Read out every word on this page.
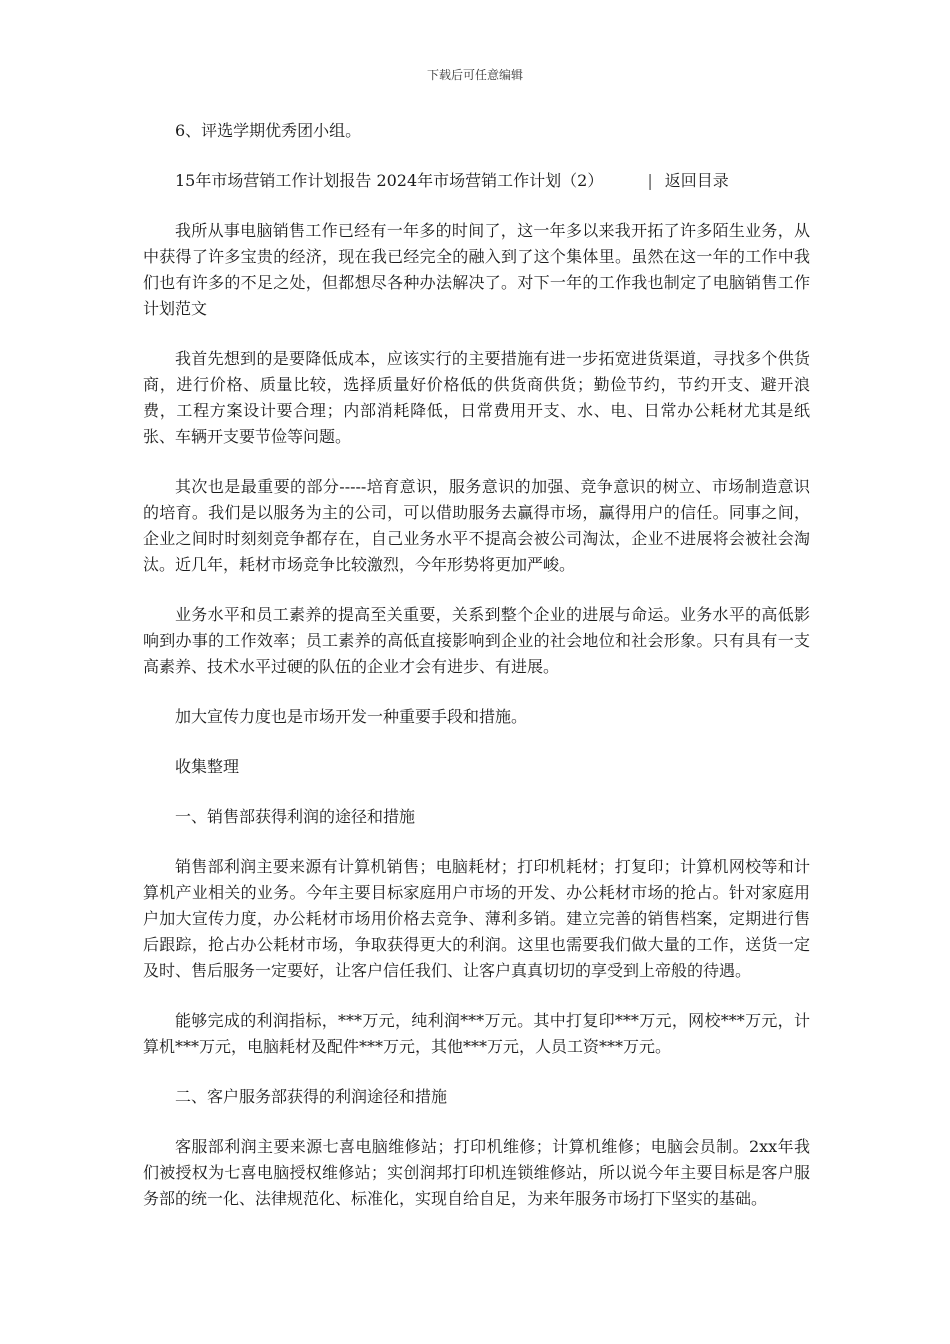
下载后可任意编辑

6、评选学期优秀团小组。

15年市场营销工作计划报告 2024年市场营销工作计划（2）	| 返回目录

我所从事电脑销售工作已经有一年多的时间了，这一年多以来我开拓了许多陌生业务，从中获得了许多宝贵的经济，现在我已经完全的融入到了这个集体里。虽然在这一年的工作中我们也有许多的不足之处，但都想尽各种办法解决了。对下一年的工作我也制定了电脑销售工作计划范文

我首先想到的是要降低成本，应该实行的主要措施有进一步拓宽进货渠道，寻找多个供货商，进行价格、质量比较，选择质量好价格低的供货商供货；勤俭节约，节约开支、避开浪费，工程方案设计要合理；内部消耗降低，日常费用开支、水、电、日常办公耗材尤其是纸张、车辆开支要节俭等问题。

其次也是最重要的部分-----培育意识，服务意识的加强、竞争意识的树立、市场制造意识的培育。我们是以服务为主的公司，可以借助服务去赢得市场，赢得用户的信任。同事之间，企业之间时时刻刻竞争都存在，自己业务水平不提高会被公司淘汰，企业不进展将会被社会淘汰。近几年，耗材市场竞争比较激烈，今年形势将更加严峻。

业务水平和员工素养的提高至关重要，关系到整个企业的进展与命运。业务水平的高低影响到办事的工作效率；员工素养的高低直接影响到企业的社会地位和社会形象。只有具有一支高素养、技术水平过硬的队伍的企业才会有进步、有进展。

加大宣传力度也是市场开发一种重要手段和措施。

收集整理

一、销售部获得利润的途径和措施

销售部利润主要来源有计算机销售；电脑耗材；打印机耗材；打复印；计算机网校等和计算机产业相关的业务。今年主要目标家庭用户市场的开发、办公耗材市场的抢占。针对家庭用户加大宣传力度，办公耗材市场用价格去竞争、薄利多销。建立完善的销售档案，定期进行售后跟踪，抢占办公耗材市场，争取获得更大的利润。这里也需要我们做大量的工作，送货一定及时、售后服务一定要好，让客户信任我们、让客户真真切切的享受到上帝般的待遇。

能够完成的利润指标，***万元，纯利润***万元。其中打复印***万元，网校***万元，计算机***万元，电脑耗材及配件***万元，其他***万元，人员工资***万元。

二、客户服务部获得的利润途径和措施

客服部利润主要来源七喜电脑维修站；打印机维修；计算机维修；电脑会员制。2xx年我们被授权为七喜电脑授权维修站；实创润邦打印机连锁维修站，所以说今年主要目标是客户服务部的统一化、法律规范化、标准化，实现自给自足，为来年服务市场打下坚实的基础。
